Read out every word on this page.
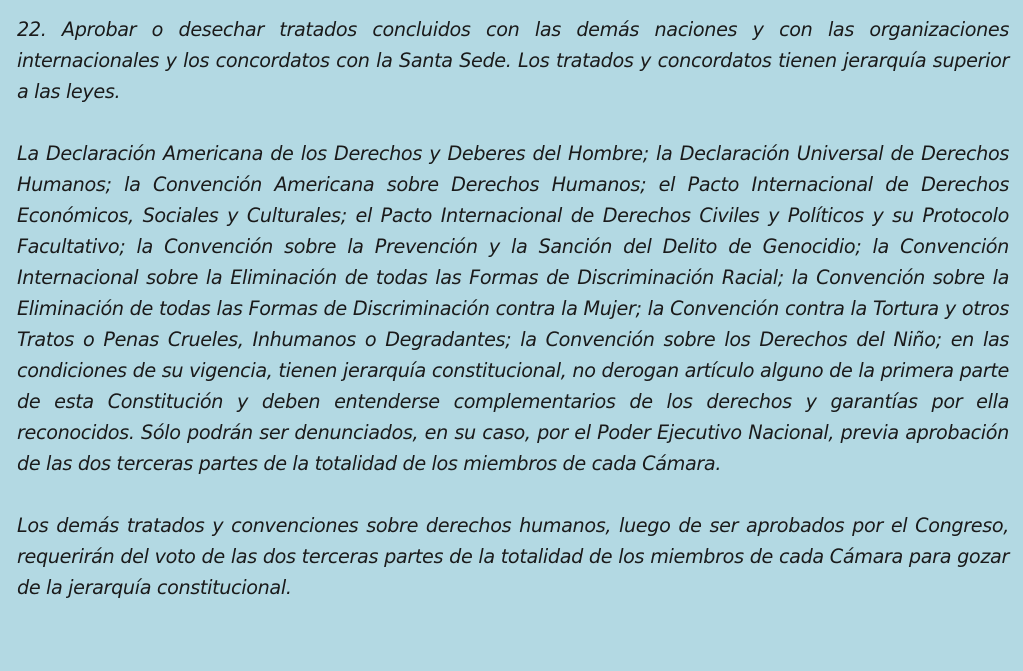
22. Aprobar o desechar tratados concluidos con las demás naciones y con las organizaciones internacionales y los concordatos con la Santa Sede. Los tratados y concordatos tienen jerarquía superior a las leyes.

La Declaración Americana de los Derechos y Deberes del Hombre; la Declaración Universal de Derechos Humanos; la Convención Americana sobre Derechos Humanos; el Pacto Internacional de Derechos Económicos, Sociales y Culturales; el Pacto Internacional de Derechos Civiles y Políticos y su Protocolo Facultativo; la Convención sobre la Prevención y la Sanción del Delito de Genocidio; la Convención Internacional sobre la Eliminación de todas las Formas de Discriminación Racial; la Convención sobre la Eliminación de todas las Formas de Discriminación contra la Mujer; la Convención contra la Tortura y otros Tratos o Penas Crueles, Inhumanos o Degradantes; la Convención sobre los Derechos del Niño; en las condiciones de su vigencia, tienen jerarquía constitucional, no derogan artículo alguno de la primera parte de esta Constitución y deben entenderse complementarios de los derechos y garantías por ella reconocidos. Sólo podrán ser denunciados, en su caso, por el Poder Ejecutivo Nacional, previa aprobación de las dos terceras partes de la totalidad de los miembros de cada Cámara.

Los demás tratados y convenciones sobre derechos humanos, luego de ser aprobados por el Congreso, requerirán del voto de las dos terceras partes de la totalidad de los miembros de cada Cámara para gozar de la jerarquía constitucional.
